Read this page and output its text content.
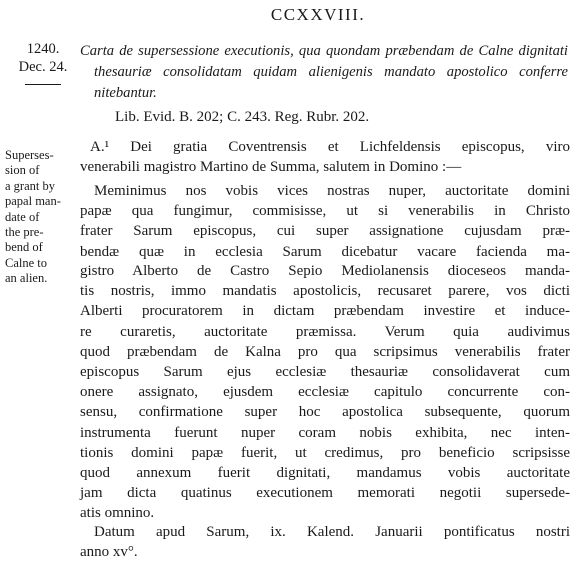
CCXXVIII.
1240.
Dec. 24.
Carta de supersessione executionis, qua quondam præbendam de Calne dignitati thesauriæ consolidatam quidam alienigenis mandato apostolico conferre nitebantur.
Lib. Evid. B. 202; C. 243. Reg. Rubr. 202.
Superses-
sion of
a grant by
papal man-
date of
the pre-
bend of
Calne to
an alien.
A.¹ Dei gratia Coventrensis et Lichfeldensis episcopus, viro
venerabili magistro Martino de Summa, salutem in Domino :—
Meminimus nos vobis vices nostras nuper, auctoritate domini
papæ qua fungimur, commisisse, ut si venerabilis in Christo
frater Sarum episcopus, cui super assignatione cujusdam præ-
bendæ quæ in ecclesia Sarum dicebatur vacare facienda ma-
gistro Alberto de Castro Sepio Mediolanensis dioceseos manda-
tis nostris, immo mandatis apostolicis, recusaret parere, vos dicti
Alberti procuratorem in dictam præbendam investire et induce-
re curaretis, auctoritate præmissa. Verum quia audivimus
quod præbendam de Kalna pro qua scripsimus venerabilis frater
episcopus Sarum ejus ecclesiæ thesauriæ consolidaverat cum
onere assignato, ejusdem ecclesiæ capitulo concurrente con-
sensu, confirmatione super hoc apostolica subsequente, quorum
instrumenta fuerunt nuper coram nobis exhibita, nec inten-
tionis domini papæ fuerit, ut credimus, pro beneficio scripsisse
quod annexum fuerit dignitati, mandamus vobis auctoritate
jam dicta quatinus executionem memorati negotii supersede-
atis omnino.
Datum apud Sarum, ix. Kalend. Januarii pontificatus nostri
anno xv°.
